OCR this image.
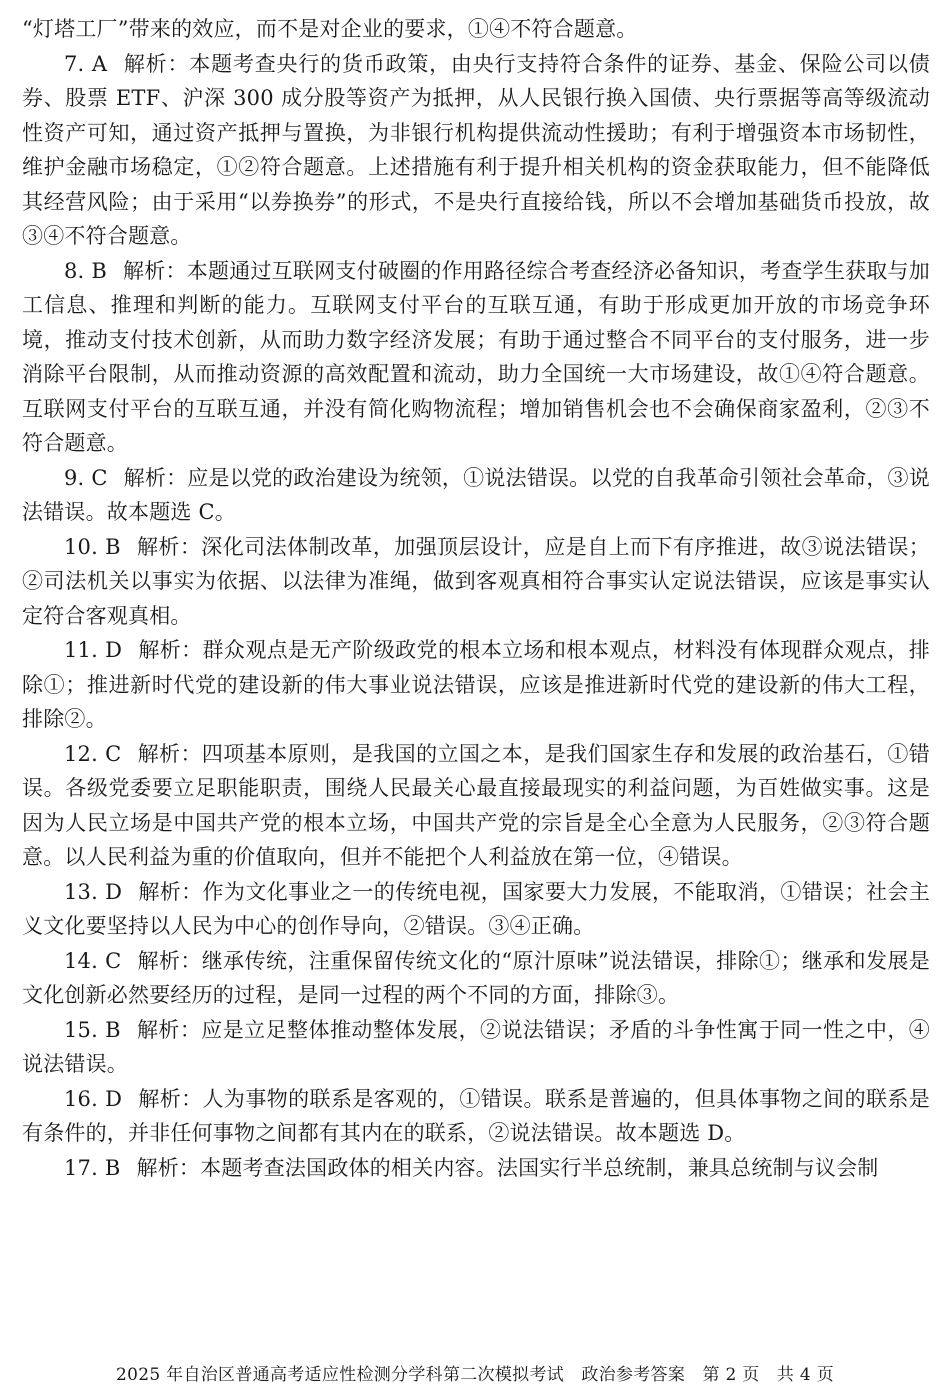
“灯塔工厂”带来的效应，而不是对企业的要求，①④不符合题意。

7. A 解析：本题考查央行的货币政策，由央行支持符合条件的证券、基金、保险公司以债券、股票 ETF、沪深 300 成分股等资产为抵押，从人民银行换入国债、央行票据等高等级流动性资产可知，通过资产抵押与置换，为非银行机构提供流动性援助；有利于增强资本市场韧性，维护金融市场稳定，①②符合题意。上述措施有利于提升相关机构的资金获取能力，但不能降低其经营风险；由于采用“以券换券”的形式，不是央行直接给钱，所以不会增加基础货币投放，故③④不符合题意。

8. B 解析：本题通过互联网支付破圈的作用路径综合考查经济必备知识，考查学生获取与加工信息、推理和判断的能力。互联网支付平台的互联互通，有助于形成更加开放的市场竞争环境，推动支付技术创新，从而助力数字经济发展；有助于通过整合不同平台的支付服务，进一步消除平台限制，从而推动资源的高效配置和流动，助力全国统一大市场建设，故①④符合题意。互联网支付平台的互联互通，并没有简化购物流程；增加销售机会也不会确保商家盈利，②③不符合题意。

9. C 解析：应是以党的政治建设为统领，①说法错误。以党的自我革命引领社会革命，③说法错误。故本题选 C。

10. B 解析：深化司法体制改革，加强顶层设计，应是自上而下有序推进，故③说法错误；②司法机关以事实为依据、以法律为准绳，做到客观真相符合事实认定说法错误，应该是事实认定符合客观真相。

11. D 解析：群众观点是无产阶级政党的根本立场和根本观点，材料没有体现群众观点，排除①；推进新时代党的建设新的伟大事业说法错误，应该是推进新时代党的建设新的伟大工程，排除②。

12. C 解析：四项基本原则，是我国的立国之本，是我们国家生存和发展的政治基石，①错误。各级党委要立足职能职责，围绕人民最关心最直接最现实的利益问题，为百姓做实事。这是因为人民立场是中国共产党的根本立场，中国共产党的宗旨是全心全意为人民服务，②③符合题意。以人民利益为重的价值取向，但并不能把个人利益放在第一位，④错误。

13. D 解析：作为文化事业之一的传统电视，国家要大力发展，不能取消，①错误；社会主义文化要坚持以人民为中心的创作导向，②错误。③④正确。

14. C 解析：继承传统，注重保留传统文化的“原汁原味”说法错误，排除①；继承和发展是文化创新必然要经历的过程，是同一过程的两个不同的方面，排除③。

15. B 解析：应是立足整体推动整体发展，②说法错误；矛盾的斗争性寓于同一性之中，④说法错误。

16. D 解析：人为事物的联系是客观的，①错误。联系是普遍的，但具体事物之间的联系是有条件的，并非任何事物之间都有其内在的联系，②说法错误。故本题选 D。

17. B 解析：本题考查法国政体的相关内容。法国实行半总统制，兼具总统制与议会制

2025 年自治区普通高考适应性检测分学科第二次模拟考试　政治参考答案　第 2 页　共 4 页
